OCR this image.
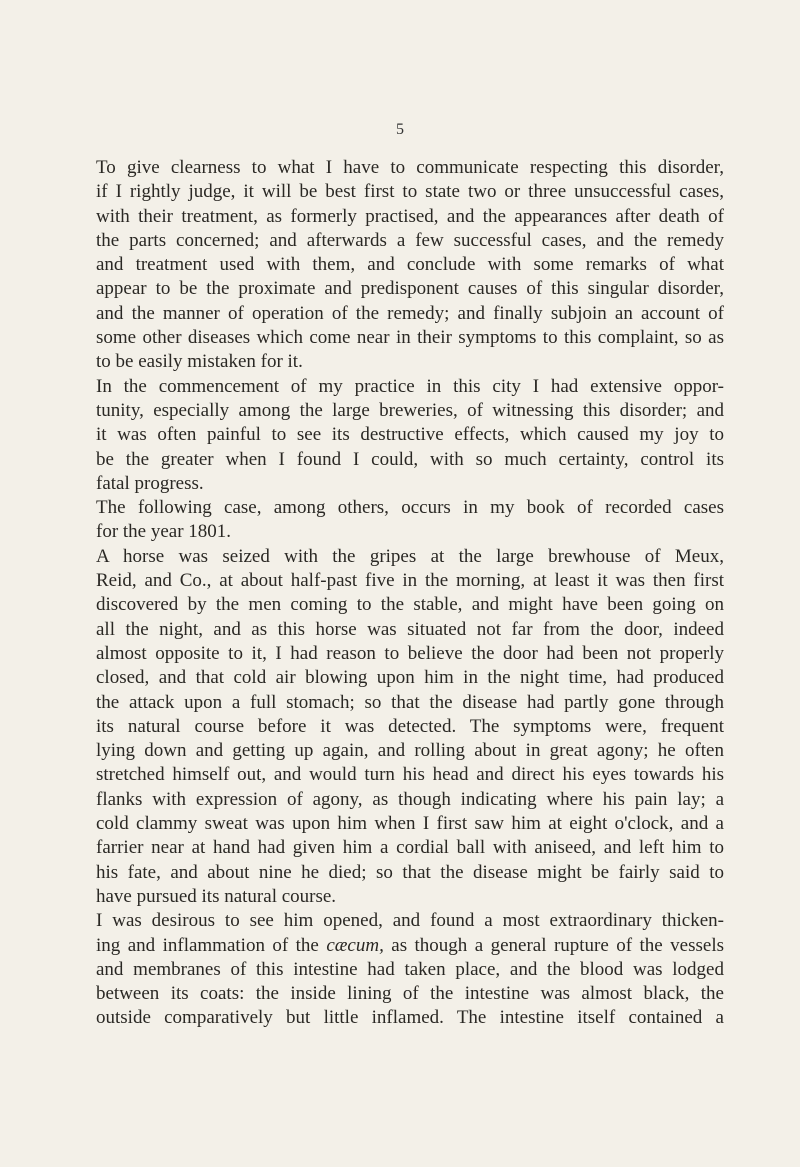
5
To give clearness to what I have to communicate respecting this disorder,
if I rightly judge, it will be best first to state two or three unsuccessful cases,
with their treatment, as formerly practised, and the appearances after death of
the parts concerned; and afterwards a few successful cases, and the remedy
and treatment used with them, and conclude with some remarks of what
appear to be the proximate and predisponent causes of this singular disorder,
and the manner of operation of the remedy; and finally subjoin an account of
some other diseases which come near in their symptoms to this complaint, so as
to be easily mistaken for it.
In the commencement of my practice in this city I had extensive oppor-
tunity, especially among the large breweries, of witnessing this disorder; and
it was often painful to see its destructive effects, which caused my joy to
be the greater when I found I could, with so much certainty, control its
fatal progress.
The following case, among others, occurs in my book of recorded cases
for the year 1801.
A horse was seized with the gripes at the large brewhouse of Meux,
Reid, and Co., at about half-past five in the morning, at least it was then first
discovered by the men coming to the stable, and might have been going on
all the night, and as this horse was situated not far from the door, indeed
almost opposite to it, I had reason to believe the door had been not properly
closed, and that cold air blowing upon him in the night time, had produced
the attack upon a full stomach; so that the disease had partly gone through
its natural course before it was detected. The symptoms were, frequent
lying down and getting up again, and rolling about in great agony; he often
stretched himself out, and would turn his head and direct his eyes towards his
flanks with expression of agony, as though indicating where his pain lay; a
cold clammy sweat was upon him when I first saw him at eight o'clock, and a
farrier near at hand had given him a cordial ball with aniseed, and left him to
his fate, and about nine he died; so that the disease might be fairly said to
have pursued its natural course.
I was desirous to see him opened, and found a most extraordinary thicken-
ing and inflammation of the cæcum, as though a general rupture of the vessels
and membranes of this intestine had taken place, and the blood was lodged
between its coats: the inside lining of the intestine was almost black, the
outside comparatively but little inflamed. The intestine itself contained a
